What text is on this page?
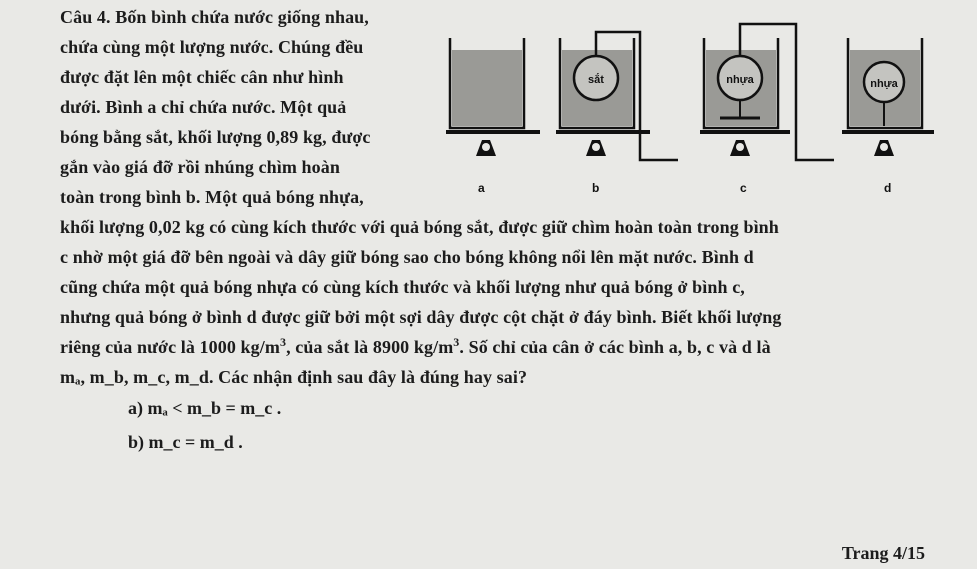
Câu 4. Bốn bình chứa nước giống nhau,
chứa cùng một lượng nước. Chúng đều
được đặt lên một chiếc cân như hình
dưới. Bình a chỉ chứa nước. Một quả
bóng bằng sắt, khối lượng 0,89 kg, được
gắn vào giá đỡ rồi nhúng chìm hoàn
toàn trong bình b. Một quả bóng nhựa,
khối lượng 0,02 kg có cùng kích thước với quả bóng sắt, được giữ chìm hoàn toàn trong bình
c nhờ một giá đỡ bên ngoài và dây giữ bóng sao cho bóng không nổi lên mặt nước. Bình d
cũng chứa một quả bóng nhựa có cùng kích thước và khối lượng như quả bóng ở bình c,
nhưng quả bóng ở bình d được giữ bởi một sợi dây được cột chặt ở đáy bình. Biết khối lượng
riêng của nước là 1000 $kg/m^3$, của sắt là 8900 $kg/m^3$. Số chỉ của cân ở các bình a, b, c và d là
mₐ, m_b, m_c, m_d. Các nhận định sau đây là đúng hay sai?
a) mₐ < m_b = m_c .
b) m_c = m_d .
sắt	nhựa	nhựa
a	b	c	d
Trang 4/15
